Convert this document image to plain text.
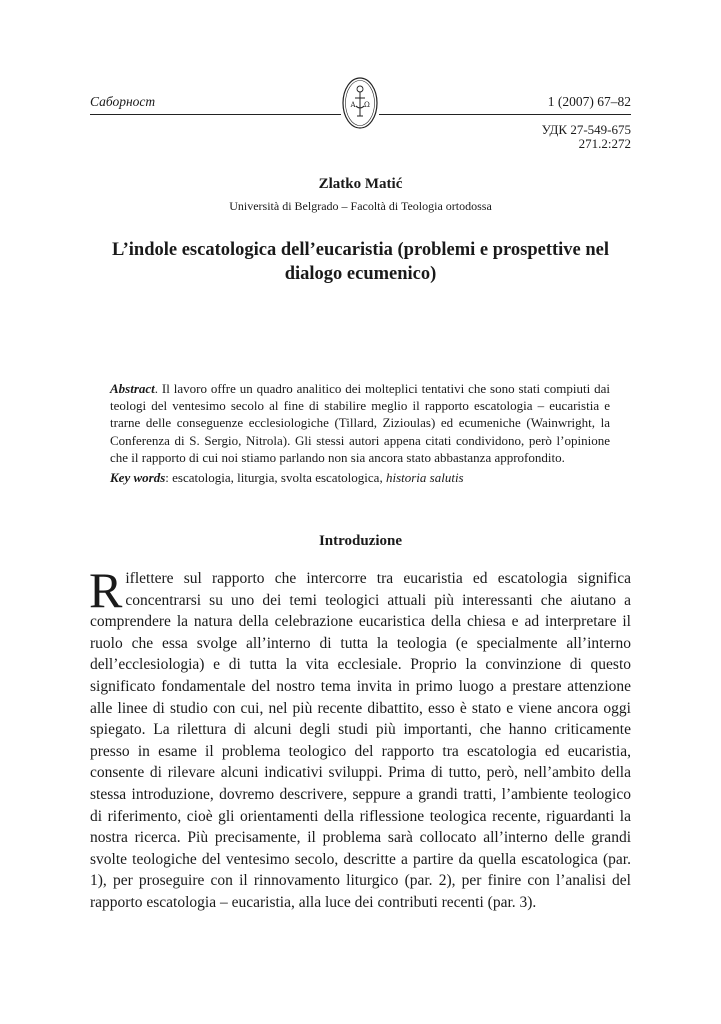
Саборност	1 (2007) 67–82
A Ω
УДК 27-549-675
271.2:272
Zlatko Matić
Università di Belgrado – Facoltà di Teologia ortodossa
L’indole escatologica dell’eucaristia (problemi e prospettive nel dialogo ecumenico)

Abstract. Il lavoro offre un quadro analitico dei molteplici tentativi che sono stati compiuti dai teologi del ventesimo secolo al fine di stabilire meglio il rapporto escatologia – eucaristia e trarne delle conseguenze ecclesiologiche (Tillard, Zizioulas) ed ecumeniche (Wainwright, la Conferenza di S. Sergio, Nitrola). Gli stessi autori appena citati condividono, però l’opinione che il rapporto di cui noi stiamo parlando non sia ancora stato abbastanza approfondito.

Key words: escatologia, liturgia, svolta escatologica, historia salutis

Introduzione

Riflettere sul rapporto che intercorre tra eucaristia ed escatologia significa concentrarsi su uno dei temi teologici attuali più interessanti che aiutano a comprendere la natura della celebrazione eucaristica della chiesa e ad interpretare il ruolo che essa svolge all’interno di tutta la teologia (e specialmente all’interno dell’ecclesiologia) e di tutta la vita ecclesiale. Proprio la convinzione di questo significato fondamentale del nostro tema invita in primo luogo a prestare attenzione alle linee di studio con cui, nel più recente dibattito, esso è stato e viene ancora oggi spiegato. La rilettura di alcuni degli studi più importanti, che hanno criticamente presso in esame il problema teologico del rapporto tra escatologia ed eucaristia, consente di rilevare alcuni indicativi sviluppi. Prima di tutto, però, nell’ambito della stessa introduzione, dovremo descrivere, seppure a grandi tratti, l’ambiente teologico di riferimento, cioè gli orientamenti della riflessione teologica recente, riguardanti la nostra ricerca. Più precisamente, il problema sarà collocato all’interno delle grandi svolte teologiche del ventesimo secolo, descritte a partire da quella escatologica (par. 1), per proseguire con il rinnovamento liturgico (par. 2), per finire con l’analisi del rapporto escatologia – eucaristia, alla luce dei contributi recenti (par. 3).
